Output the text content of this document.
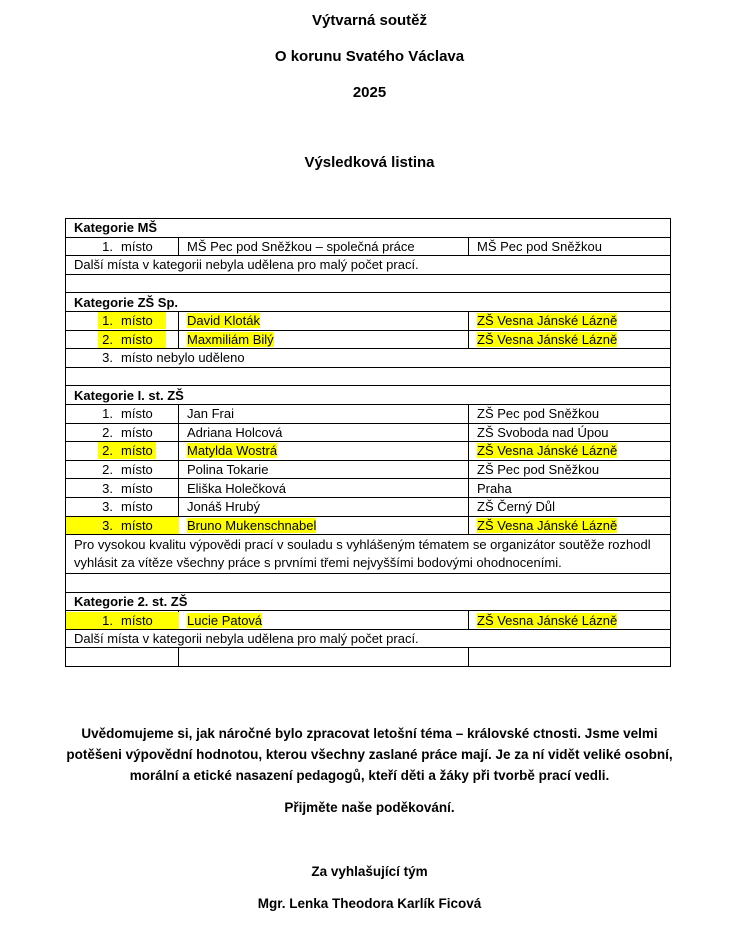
Výtvarná soutěž
O korunu Svatého Václava
2025
Výsledková listina
Kategorie MŠ		
1. místo	MŠ Pec pod Sněžkou – společná práce	MŠ Pec pod Sněžkou
Další místa v kategorii nebyla udělena pro malý počet prací.		

Kategorie ZŠ Sp.		
1. místo	David Kloták	ZŠ Vesna Jánské Lázně
2. místo	Maxmiliám Bilý	ZŠ Vesna Jánské Lázně
3. místo nebylo uděleno		

Kategorie I. st. ZŠ		
1. místo	Jan Frai	ZŠ Pec pod Sněžkou
2. místo	Adriana Holcová	ZŠ Svoboda nad Úpou
2. místo	Matylda Wostrá	ZŠ Vesna Jánské Lázně
2. místo	Polina Tokarie	ZŠ Pec pod Sněžkou
3. místo	Eliška Holečková	Praha
3. místo	Jonáš Hrubý	ZŠ Černý Důl
3. místo	Bruno Mukenschnabel	ZŠ Vesna Jánské Lázně
Pro vysokou kvalitu výpovědi prací v souladu s vyhlášeným tématem se organizátor soutěže rozhodl vyhlásit za vítěze všechny práce s prvními třemi nejvyššími bodovými ohodnoceními.		

Kategorie 2. st. ZŠ		
1. místo	Lucie Patová	ZŠ Vesna Jánské Lázně
Další místa v kategorii nebyla udělena pro malý počet prací.		

Uvědomujeme si, jak náročné bylo zpracovat letošní téma – královské ctnosti. Jsme velmi potěšeni výpovědní hodnotou, kterou všechny zaslané práce mají. Je za ní vidět veliké osobní, morální a etické nasazení pedagogů, kteří děti a žáky při tvorbě prací vedli.
Přijměte naše poděkování.
Za vyhlašující tým
Mgr. Lenka Theodora Karlík Ficová
